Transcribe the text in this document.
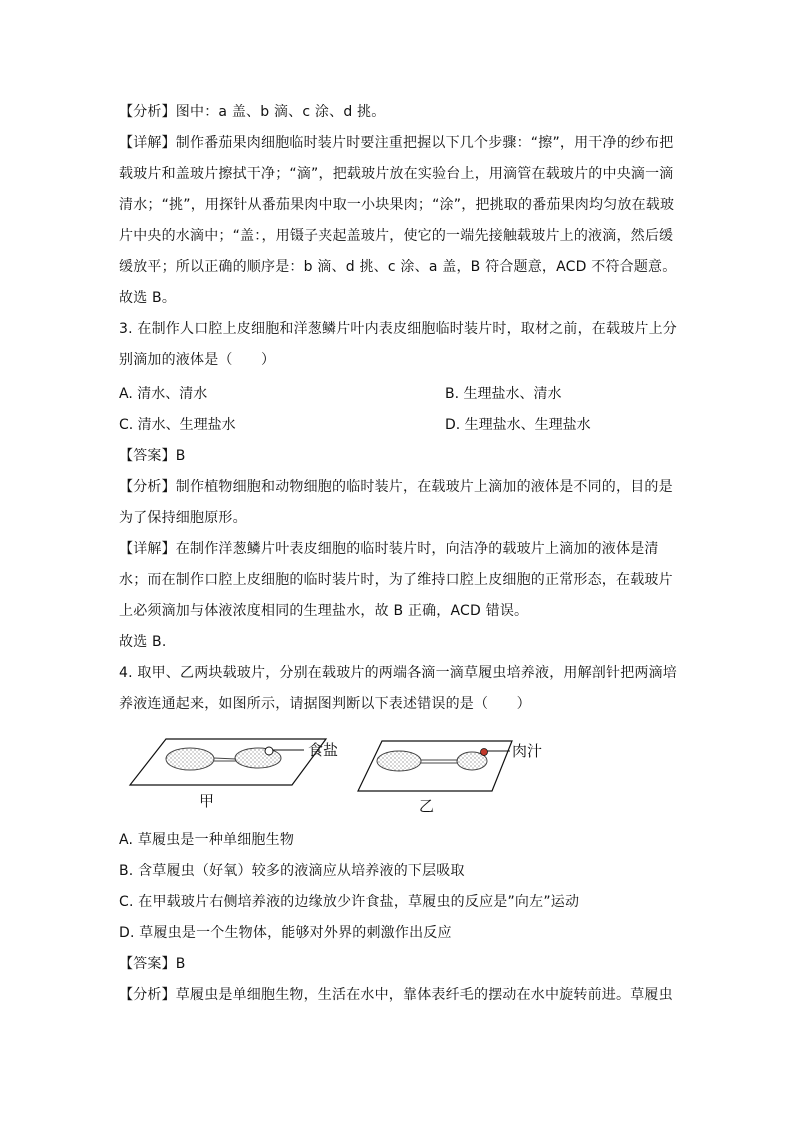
【分析】图中：a 盖、b 滴、c 涂、d 挑。
【详解】制作番茄果肉细胞临时装片时要注重把握以下几个步骤：“擦”，用干净的纱布把
载玻片和盖玻片擦拭干净；“滴”，把载玻片放在实验台上，用滴管在载玻片的中央滴一滴
清水；“挑”，用探针从番茄果肉中取一小块果肉；“涂”，把挑取的番茄果肉均匀放在载玻
片中央的水滴中；“盖：，用镊子夹起盖玻片，使它的一端先接触载玻片上的液滴，然后缓
缓放平；所以正确的顺序是：b 滴、d 挑、c 涂、a 盖，B 符合题意，ACD 不符合题意。
故选 B。
3. 在制作人口腔上皮细胞和洋葱鳞片叶内表皮细胞临时装片时，取材之前，在载玻片上分
别滴加的液体是（　　）
A. 清水、清水	B. 生理盐水、清水
C. 清水、生理盐水	D. 生理盐水、生理盐水
【答案】B
【分析】制作植物细胞和动物细胞的临时装片，在载玻片上滴加的液体是不同的，目的是
为了保持细胞原形。
【详解】在制作洋葱鳞片叶表皮细胞的临时装片时，向洁净的载玻片上滴加的液体是清
水；而在制作口腔上皮细胞的临时装片时，为了维持口腔上皮细胞的正常形态，在载玻片
上必须滴加与体液浓度相同的生理盐水，故 B 正确，ACD 错误。
故选 B.
4. 取甲、乙两块载玻片，分别在载玻片的两端各滴一滴草履虫培养液，用解剖针把两滴培
养液连通起来，如图所示，请据图判断以下表述错误的是（　　）
食盐
甲
肉汁
乙
A. 草履虫是一种单细胞生物
B. 含草履虫（好氧）较多的液滴应从培养液的下层吸取
C. 在甲载玻片右侧培养液的边缘放少许食盐，草履虫的反应是”向左”运动
D. 草履虫是一个生物体，能够对外界的刺激作出反应
【答案】B
【分析】草履虫是单细胞生物，生活在水中，靠体表纤毛的摆动在水中旋转前进。草履虫
